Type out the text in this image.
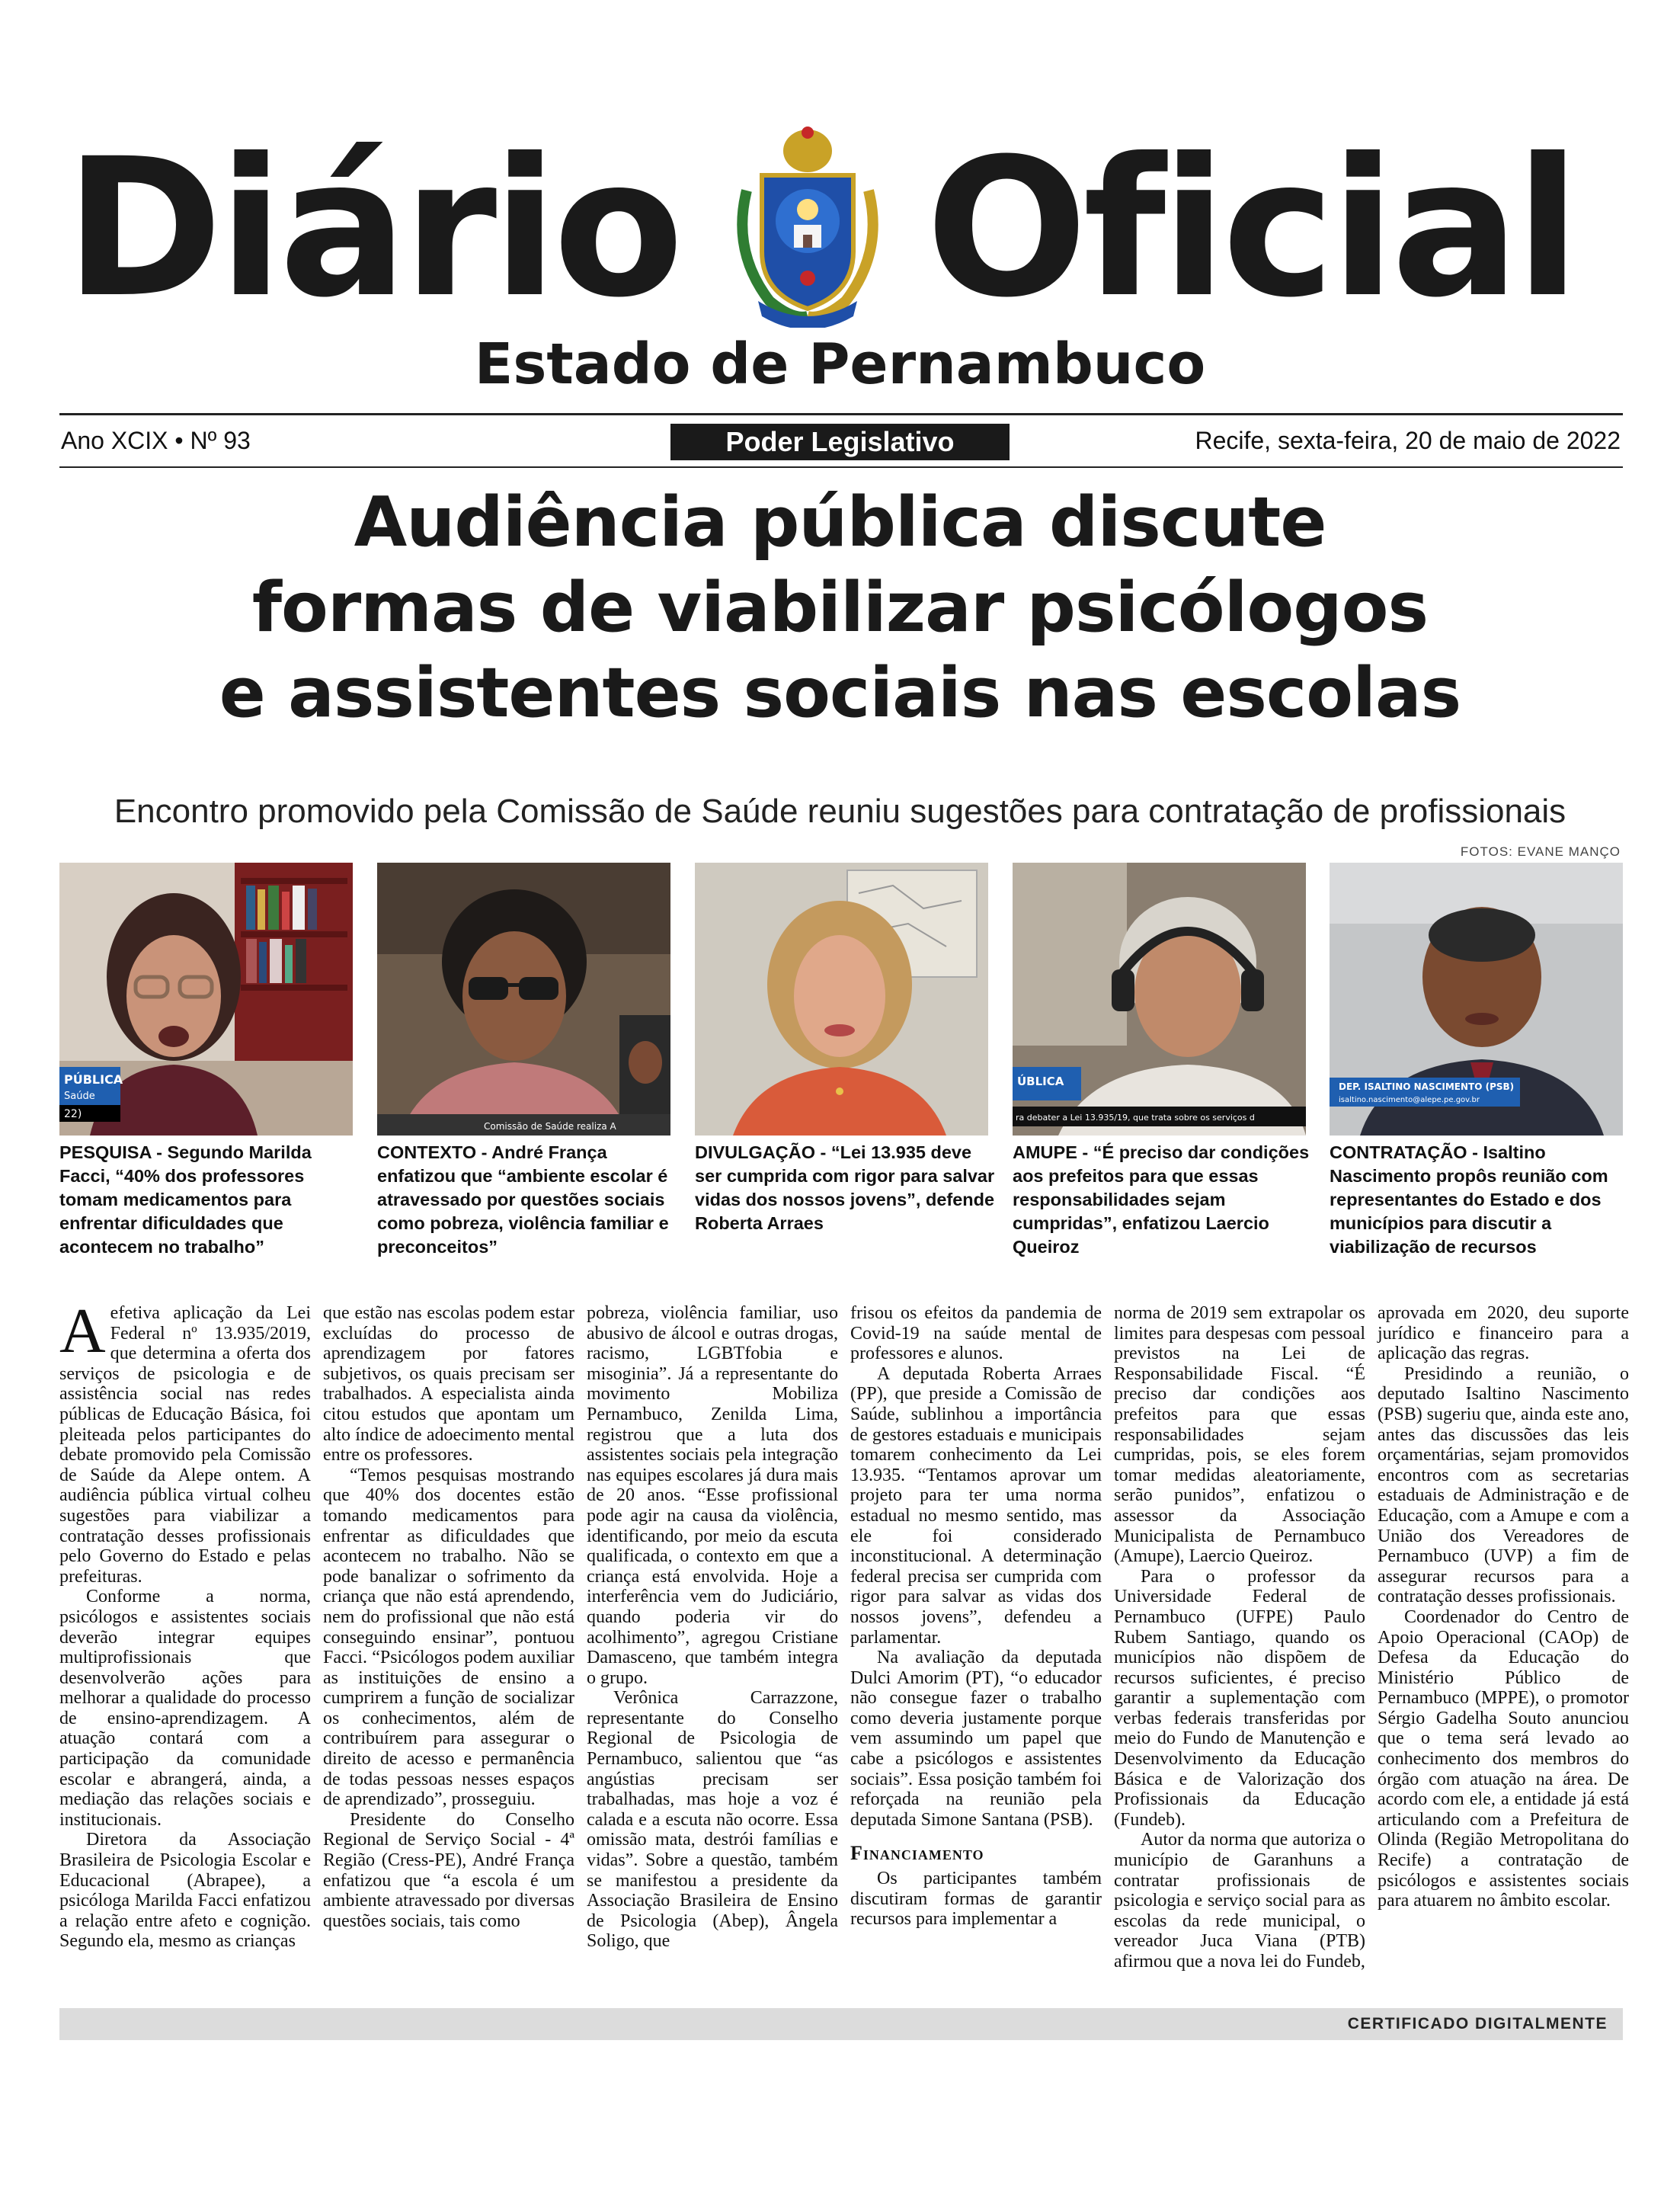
Diário Oficial
Estado de Pernambuco
Ano XCIX • Nº 93	Poder Legislativo	Recife, sexta-feira, 20 de maio de 2022
Audiência pública discute
formas de viabilizar psicólogos
e assistentes sociais nas escolas
Encontro promovido pela Comissão de Saúde reuniu sugestões para contratação de profissionais
FOTOS: EVANE MANÇO
PÚBLICA
Saúde
22)
PESQUISA - Segundo Marilda Facci, “40% dos professores tomam medicamentos para enfrentar dificuldades que acontecem no trabalho”
Comissão de Saúde realiza A
CONTEXTO - André França enfatizou que “ambiente escolar é atravessado por questões sociais como pobreza, violência familiar e preconceitos”
DIVULGAÇÃO - “Lei 13.935 deve ser cumprida com rigor para salvar vidas dos nossos jovens”, defende Roberta Arraes
ÚBLICA
ra debater a Lei 13.935/19, que trata sobre os serviços d
AMUPE - “É preciso dar condições aos prefeitos para que essas responsabilidades sejam cumpridas”, enfatizou Laercio Queiroz
DEP. ISALTINO NASCIMENTO (PSB)
isaltino.nascimento@alepe.pe.gov.br
CONTRATAÇÃO - Isaltino Nascimento propôs reunião com representantes do Estado e dos municípios para discutir a viabilização de recursos

Aefetiva aplicação da Lei Federal nº 13.935/2019, que determina a oferta dos serviços de psicologia e de assistência social nas redes públicas de Educação Básica, foi pleiteada pelos participantes do debate promovido pela Comissão de Saúde da Alepe ontem. A audiência pública virtual colheu sugestões para viabilizar a contratação desses profissionais pelo Governo do Estado e pelas prefeituras.

Conforme a norma, psicólogos e assistentes sociais deverão integrar equipes multiprofissionais que desenvolverão ações para melhorar a qualidade do processo de ensino-aprendizagem. A atuação contará com a participação da comunidade escolar e abrangerá, ainda, a mediação das relações sociais e institucionais.

Diretora da Associação Brasileira de Psicologia Escolar e Educacional (Abrapee), a psicóloga Marilda Facci enfatizou a relação entre afeto e cognição. Segundo ela, mesmo as crianças

que estão nas escolas podem estar excluídas do processo de aprendizagem por fatores subjetivos, os quais precisam ser trabalhados. A especialista ainda citou estudos que apontam um alto índice de adoecimento mental entre os professores.

“Temos pesquisas mostrando que 40% dos docentes estão tomando medicamentos para enfrentar as dificuldades que acontecem no trabalho. Não se pode banalizar o sofrimento da criança que não está aprendendo, nem do profissional que não está conseguindo ensinar”, pontuou Facci. “Psicólogos podem auxiliar as instituições de ensino a cumprirem a função de socializar os conhecimentos, além de contribuírem para assegurar o direito de acesso e permanência de todas pessoas nesses espaços de aprendizado”, prosseguiu.

Presidente do Conselho Regional de Serviço Social - 4ª Região (Cress-PE), André França enfatizou que “a escola é um ambiente atravessado por diversas questões sociais, tais como

pobreza, violência familiar, uso abusivo de álcool e outras drogas, racismo, LGBTfobia e misoginia”. Já a representante do movimento Mobiliza Pernambuco, Zenilda Lima, registrou que a luta dos assistentes sociais pela integração nas equipes escolares já dura mais de 20 anos. “Esse profissional pode agir na causa da violência, identificando, por meio da escuta qualificada, o contexto em que a criança está envolvida. Hoje a interferência vem do Judiciário, quando poderia vir do acolhimento”, agregou Cristiane Damasceno, que também integra o grupo.

Verônica Carrazzone, representante do Conselho Regional de Psicologia de Pernambuco, salientou que “as angústias precisam ser trabalhadas, mas hoje a voz é calada e a escuta não ocorre. Essa omissão mata, destrói famílias e vidas”. Sobre a questão, também se manifestou a presidente da Associação Brasileira de Ensino de Psicologia (Abep), Ângela Soligo, que

frisou os efeitos da pandemia de Covid-19 na saúde mental de professores e alunos.

A deputada Roberta Arraes (PP), que preside a Comissão de Saúde, sublinhou a importância de gestores estaduais e municipais tomarem conhecimento da Lei 13.935. “Tentamos aprovar um projeto para ter uma norma estadual no mesmo sentido, mas ele foi considerado inconstitucional. A determinação federal precisa ser cumprida com rigor para salvar as vidas dos nossos jovens”, defendeu a parlamentar.

Na avaliação da deputada Dulci Amorim (PT), “o educador não consegue fazer o trabalho como deveria justamente porque vem assumindo um papel que cabe a psicólogos e assistentes sociais”. Essa posição também foi reforçada na reunião pela deputada Simone Santana (PSB).

Financiamento

Os participantes também discutiram formas de garantir recursos para implementar a

norma de 2019 sem extrapolar os limites para despesas com pessoal previstos na Lei de Responsabilidade Fiscal. “É preciso dar condições aos prefeitos para que essas responsabilidades sejam cumpridas, pois, se eles forem tomar medidas aleatoriamente, serão punidos”, enfatizou o assessor da Associação Municipalista de Pernambuco (Amupe), Laercio Queiroz.

Para o professor da Universidade Federal de Pernambuco (UFPE) Paulo Rubem Santiago, quando os municípios não dispõem de recursos suficientes, é preciso garantir a suplementação com verbas federais transferidas por meio do Fundo de Manutenção e Desenvolvimento da Educação Básica e de Valorização dos Profissionais da Educação (Fundeb).

Autor da norma que autoriza o município de Garanhuns a contratar profissionais de psicologia e serviço social para as escolas da rede municipal, o vereador Juca Viana (PTB) afirmou que a nova lei do Fundeb,

aprovada em 2020, deu suporte jurídico e financeiro para a aplicação das regras.

Presidindo a reunião, o deputado Isaltino Nascimento (PSB) sugeriu que, ainda este ano, antes das discussões das leis orçamentárias, sejam promovidos encontros com as secretarias estaduais de Administração e de Educação, com a Amupe e com a União dos Vereadores de Pernambuco (UVP) a fim de assegurar recursos para a contratação desses profissionais.

Coordenador do Centro de Apoio Operacional (CAOp) de Defesa da Educação do Ministério Público de Pernambuco (MPPE), o promotor Sérgio Gadelha Souto anunciou que o tema será levado ao conhecimento dos membros do órgão com atuação na área. De acordo com ele, a entidade já está articulando com a Prefeitura de Olinda (Região Metropolitana do Recife) a contratação de psicólogos e assistentes sociais para atuarem no âmbito escolar.

CERTIFICADO DIGITALMENTE
